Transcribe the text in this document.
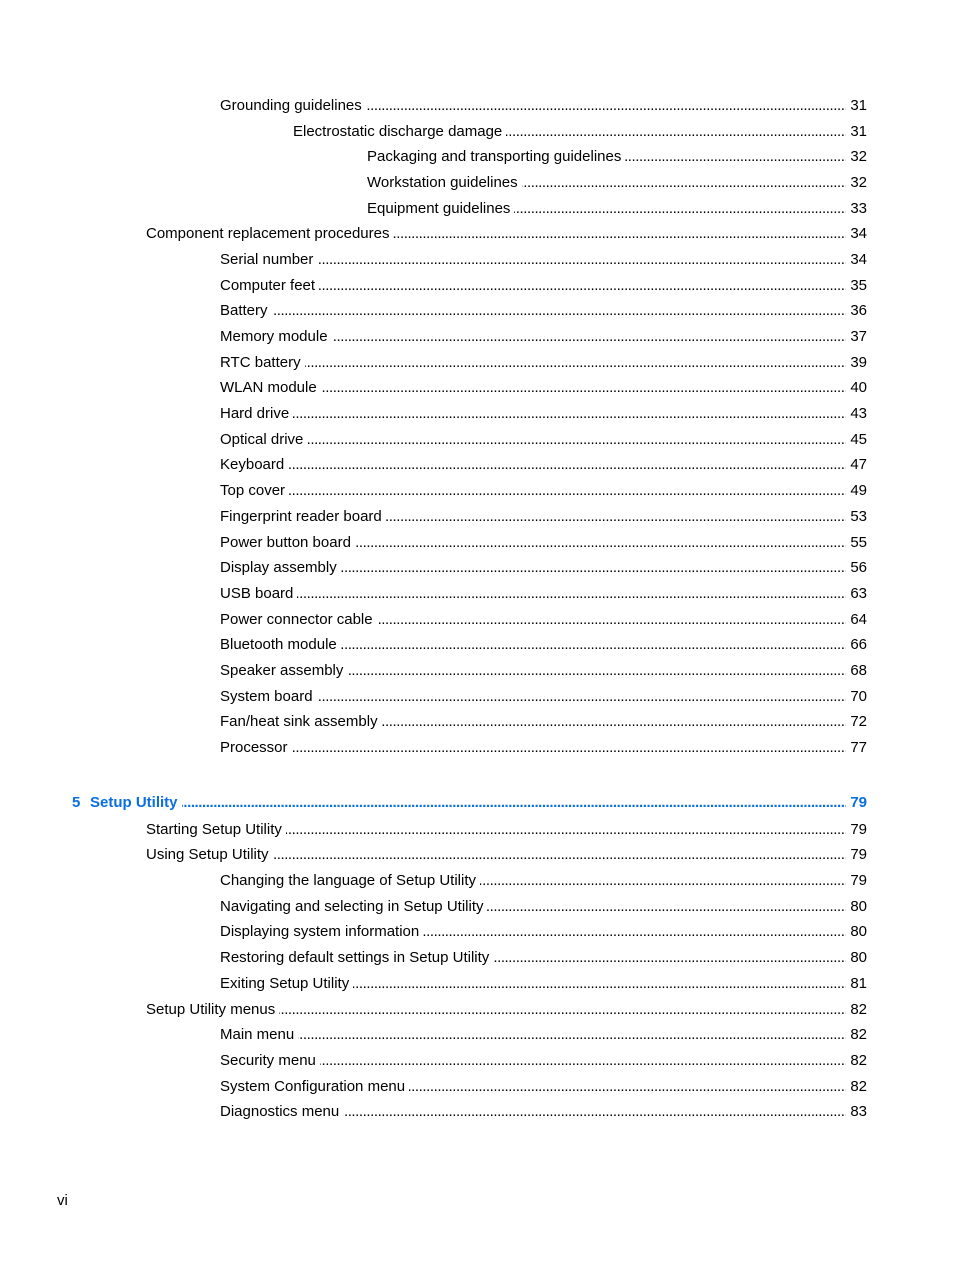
Grounding guidelines . . .	31
Electrostatic discharge damage . . .	31
Packaging and transporting guidelines . . .	32
Workstation guidelines . . .	32
Equipment guidelines . . .	33
Component replacement procedures . . .	34
Serial number . . .	34
Computer feet . . .	35
Battery . . .	36
Memory module . . .	37
RTC battery . . .	39
WLAN module . . .	40
Hard drive . . .	43
Optical drive . . .	45
Keyboard . . .	47
Top cover . . .	49
Fingerprint reader board . . .	53
Power button board . . .	55
Display assembly . . .	56
USB board . . .	63
Power connector cable . . .	64
Bluetooth module . . .	66
Speaker assembly . . .	68
System board . . .	70
Fan/heat sink assembly . . .	72
Processor . . .	77
5 Setup Utility . . .	79
Starting Setup Utility . . .	79
Using Setup Utility . . .	79
Changing the language of Setup Utility . . .	79
Navigating and selecting in Setup Utility . . .	80
Displaying system information . . .	80
Restoring default settings in Setup Utility . . .	80
Exiting Setup Utility . . .	81
Setup Utility menus . . .	82
Main menu . . .	82
Security menu . . .	82
System Configuration menu . . .	82
Diagnostics menu . . .	83
vi
